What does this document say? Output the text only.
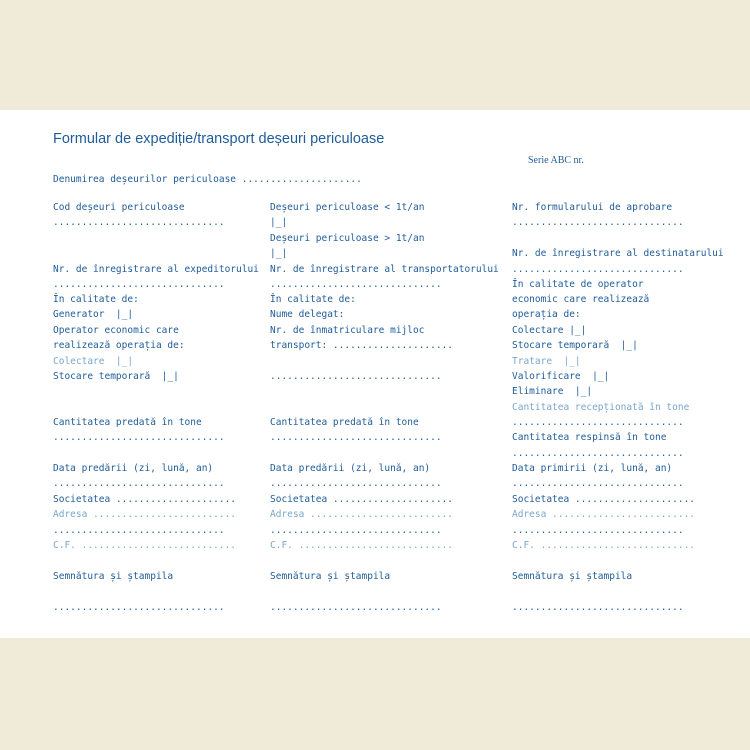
Formular de expediție/transport deșeuri periculoase
Serie ABC nr.
Denumirea deșeurilor periculoase .....................
Cod deșeuri periculoase
..............................
Nr. de înregistrare al expeditorului
..............................
În calitate de:
Generator  |_|
Operator economic care
realizează operația de:
Colectare  |_|
Stocare temporară  |_|
Cantitatea predată în tone
..............................
Data predării (zi, lună, an)
..............................
Societatea .....................
Adresa .........................
..............................
C.F. ...........................
Semnătura și ștampila
..............................
Deșeuri periculoase < 1t/an
|_|
Deșeuri periculoase > 1t/an
|_|
Nr. de înregistrare al transportatorului
..............................
În calitate de:
Nume delegat:
Nr. de înmatriculare mijloc
transport: .....................
..............................
Cantitatea predată în tone
..............................
Data predării (zi, lună, an)
..............................
Societatea .....................
Adresa .........................
..............................
C.F. ...........................
Semnătura și ștampila
..............................
Nr. formularului de aprobare
..............................
Nr. de înregistrare al destinatarului
..............................
În calitate de operator
economic care realizează
operația de:
Colectare |_|
Stocare temporară  |_|
Tratare  |_|
Valorificare  |_|
Eliminare  |_|
Cantitatea recepționată în tone
..............................
Cantitatea respinsă în tone
..............................
Data primirii (zi, lună, an)
..............................
Societatea .....................
Adresa .........................
..............................
C.F. ...........................
Semnătura și ștampila
..............................
